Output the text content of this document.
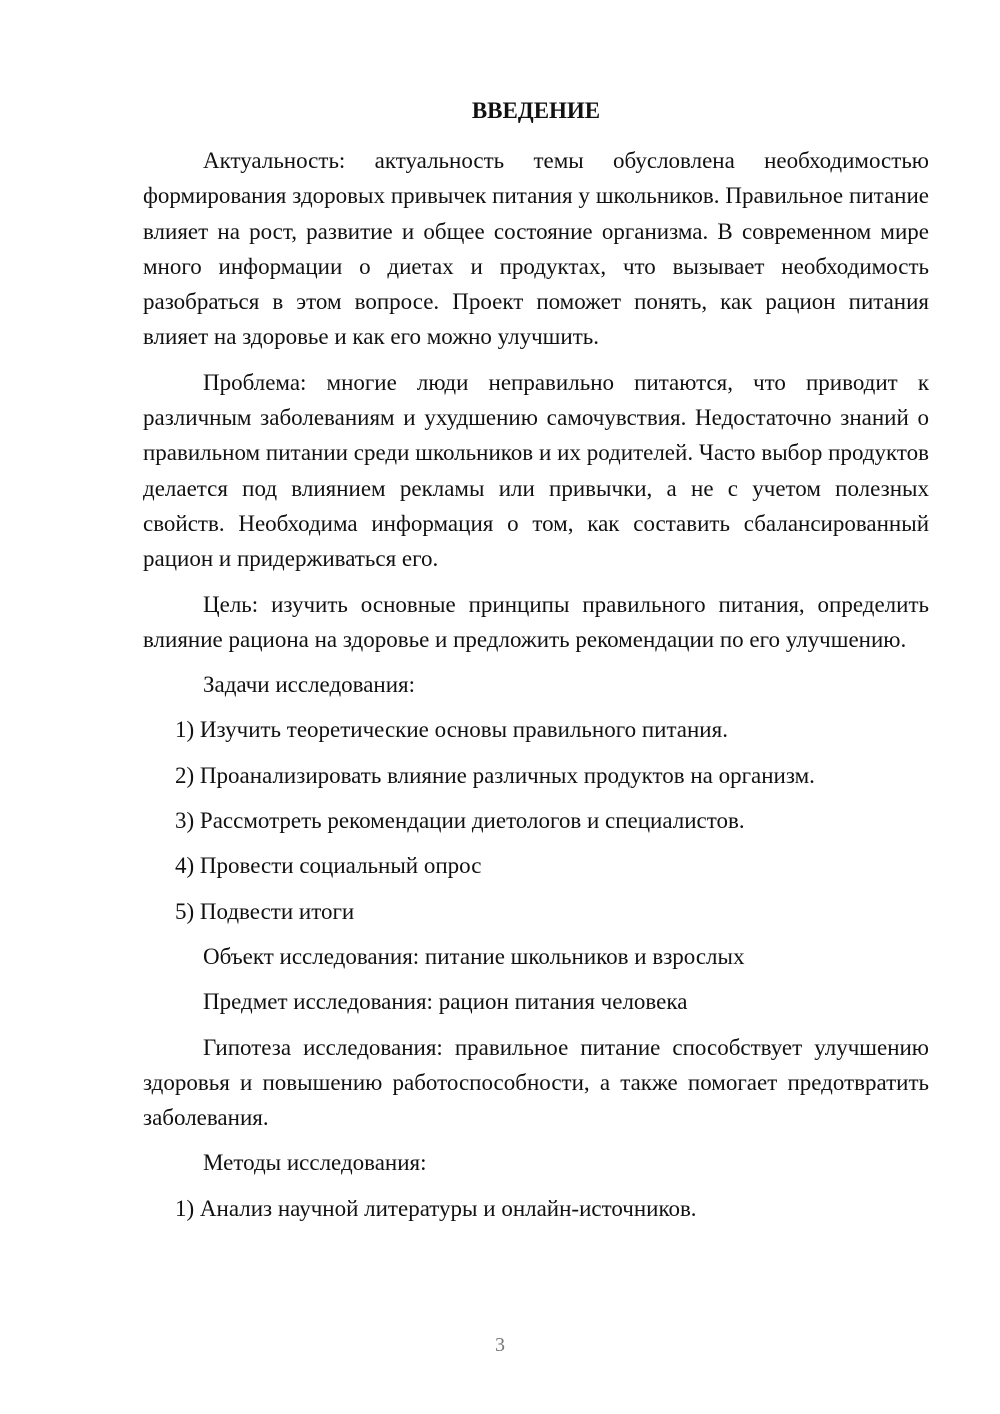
ВВЕДЕНИЕ

Актуальность: актуальность темы обусловлена необходимостью формирования здоровых привычек питания у школьников. Правильное питание влияет на рост, развитие и общее состояние организма. В современном мире много информации о диетах и продуктах, что вызывает необходимость разобраться в этом вопросе. Проект поможет понять, как рацион питания влияет на здоровье и как его можно улучшить.

Проблема: многие люди неправильно питаются, что приводит к различным заболеваниям и ухудшению самочувствия. Недостаточно знаний о правильном питании среди школьников и их родителей. Часто выбор продуктов делается под влиянием рекламы или привычки, а не с учетом полезных свойств. Необходима информация о том, как составить сбалансированный рацион и придерживаться его.

Цель: изучить основные принципы правильного питания, определить влияние рациона на здоровье и предложить рекомендации по его улучшению.

Задачи исследования:

1) Изучить теоретические основы правильного питания.

2) Проанализировать влияние различных продуктов на организм.

3) Рассмотреть рекомендации диетологов и специалистов.

4) Провести социальный опрос

5) Подвести итоги

Объект исследования: питание школьников и взрослых

Предмет исследования: рацион питания человека

Гипотеза исследования: правильное питание способствует улучшению здоровья и повышению работоспособности, а также помогает предотвратить заболевания.

Методы исследования:

1) Анализ научной литературы и онлайн-источников.

3
